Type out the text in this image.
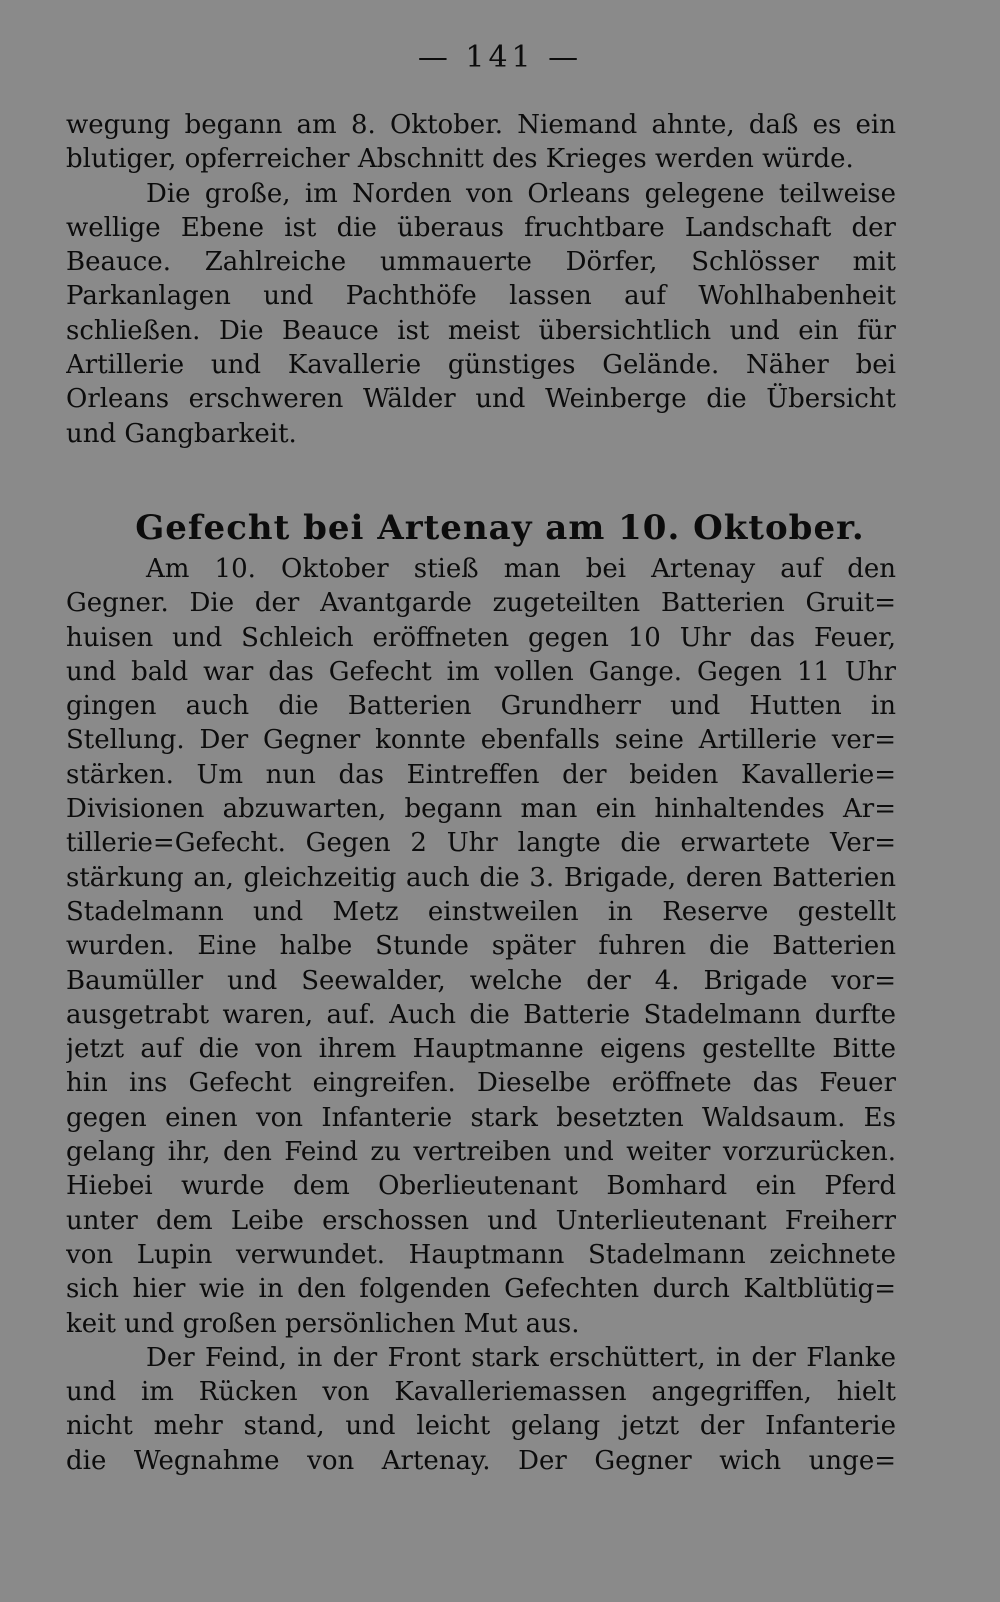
— 141 —
wegung begann am 8. Oktober. Niemand ahnte, daß es ein
blutiger, opferreicher Abschnitt des Krieges werden würde.
Die große, im Norden von Orleans gelegene teilweise
wellige Ebene ist die überaus fruchtbare Landschaft der
Beauce. Zahlreiche ummauerte Dörfer, Schlösser mit
Parkanlagen und Pachthöfe lassen auf Wohlhabenheit
schließen. Die Beauce ist meist übersichtlich und ein für
Artillerie und Kavallerie günstiges Gelände. Näher bei
Orleans erschweren Wälder und Weinberge die Übersicht
und Gangbarkeit.
Gefecht bei Artenay am 10. Oktober.
Am 10. Oktober stieß man bei Artenay auf den
Gegner. Die der Avantgarde zugeteilten Batterien Gruit=
huisen und Schleich eröffneten gegen 10 Uhr das Feuer,
und bald war das Gefecht im vollen Gange. Gegen 11 Uhr
gingen auch die Batterien Grundherr und Hutten in
Stellung. Der Gegner konnte ebenfalls seine Artillerie ver=
stärken. Um nun das Eintreffen der beiden Kavallerie=
Divisionen abzuwarten, begann man ein hinhaltendes Ar=
tillerie=Gefecht. Gegen 2 Uhr langte die erwartete Ver=
stärkung an, gleichzeitig auch die 3. Brigade, deren Batterien
Stadelmann und Metz einstweilen in Reserve gestellt
wurden. Eine halbe Stunde später fuhren die Batterien
Baumüller und Seewalder, welche der 4. Brigade vor=
ausgetrabt waren, auf. Auch die Batterie Stadelmann durfte
jetzt auf die von ihrem Hauptmanne eigens gestellte Bitte
hin ins Gefecht eingreifen. Dieselbe eröffnete das Feuer
gegen einen von Infanterie stark besetzten Waldsaum. Es
gelang ihr, den Feind zu vertreiben und weiter vorzurücken.
Hiebei wurde dem Oberlieutenant Bomhard ein Pferd
unter dem Leibe erschossen und Unterlieutenant Freiherr
von Lupin verwundet. Hauptmann Stadelmann zeichnete
sich hier wie in den folgenden Gefechten durch Kaltblütig=
keit und großen persönlichen Mut aus.
Der Feind, in der Front stark erschüttert, in der Flanke
und im Rücken von Kavalleriemassen angegriffen, hielt
nicht mehr stand, und leicht gelang jetzt der Infanterie
die Wegnahme von Artenay. Der Gegner wich unge=
